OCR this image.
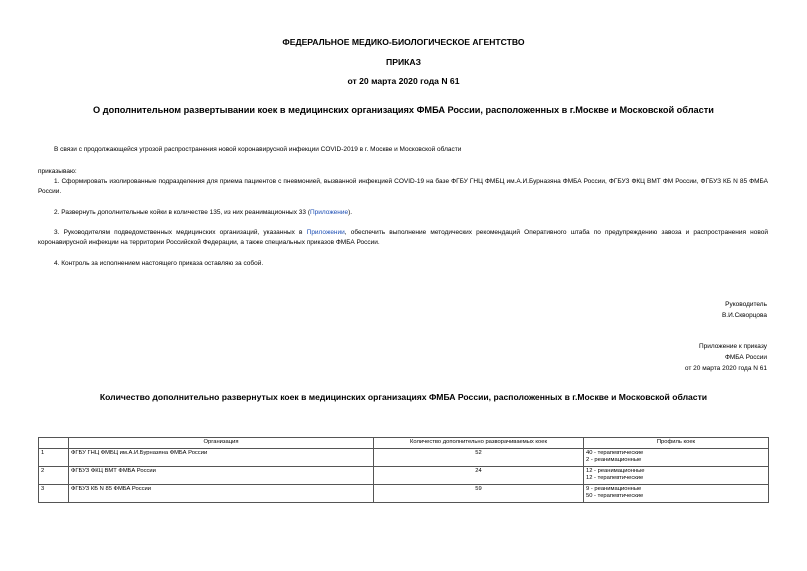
ФЕДЕРАЛЬНОЕ МЕДИКО-БИОЛОГИЧЕСКОЕ АГЕНТСТВО
ПРИКАЗ
от 20 марта 2020 года N 61
О дополнительном развертывании коек в медицинских организациях ФМБА России, расположенных в г.Москве и Московской области
В связи с продолжающейся угрозой распространения новой коронавирусной инфекции COVID-2019 в г. Москве и Московской области
приказываю:
1. Сформировать изолированные подразделения для приема пациентов с пневмонией, вызванной инфекцией COVID-19 на базе ФГБУ ГНЦ ФМБЦ им.А.И.Бурназяна ФМБА России, ФГБУЗ ФКЦ ВМТ ФМ России, ФГБУЗ КБ N 85 ФМБА России.
2. Развернуть дополнительные койки в количестве 135, из них реанимационных 33 (Приложение).
3. Руководителям подведомственных медицинских организаций, указанных в Приложении, обеспечить выполнение методических рекомендаций Оперативного штаба по предупреждению завоза и распространения новой коронавирусной инфекции на территории Российской Федерации, а также специальных приказов ФМБА России.
4. Контроль за исполнением настоящего приказа оставляю за собой.
Руководитель
В.И.Скворцова
Приложение к приказу
ФМБА России
от 20 марта 2020 года N 61
Количество дополнительно развернутых коек в медицинских организациях ФМБА России, расположенных в г.Москве и Московской области
	Организация	Количество дополнительно разворачиваемых коек	Профиль коек
1	ФГБУ ГНЦ ФМБЦ им.А.И.Бурназяна ФМБА России	52	40 - терапевтические
2 - реанимационные

2	ФГБУЗ ФКЦ ВМТ ФМБА России	24	12 - реанимационные
12 - терапевтические

3	ФГБУЗ КБ N 85 ФМБА России	59	9 - реанимационные
50 - терапевтические
